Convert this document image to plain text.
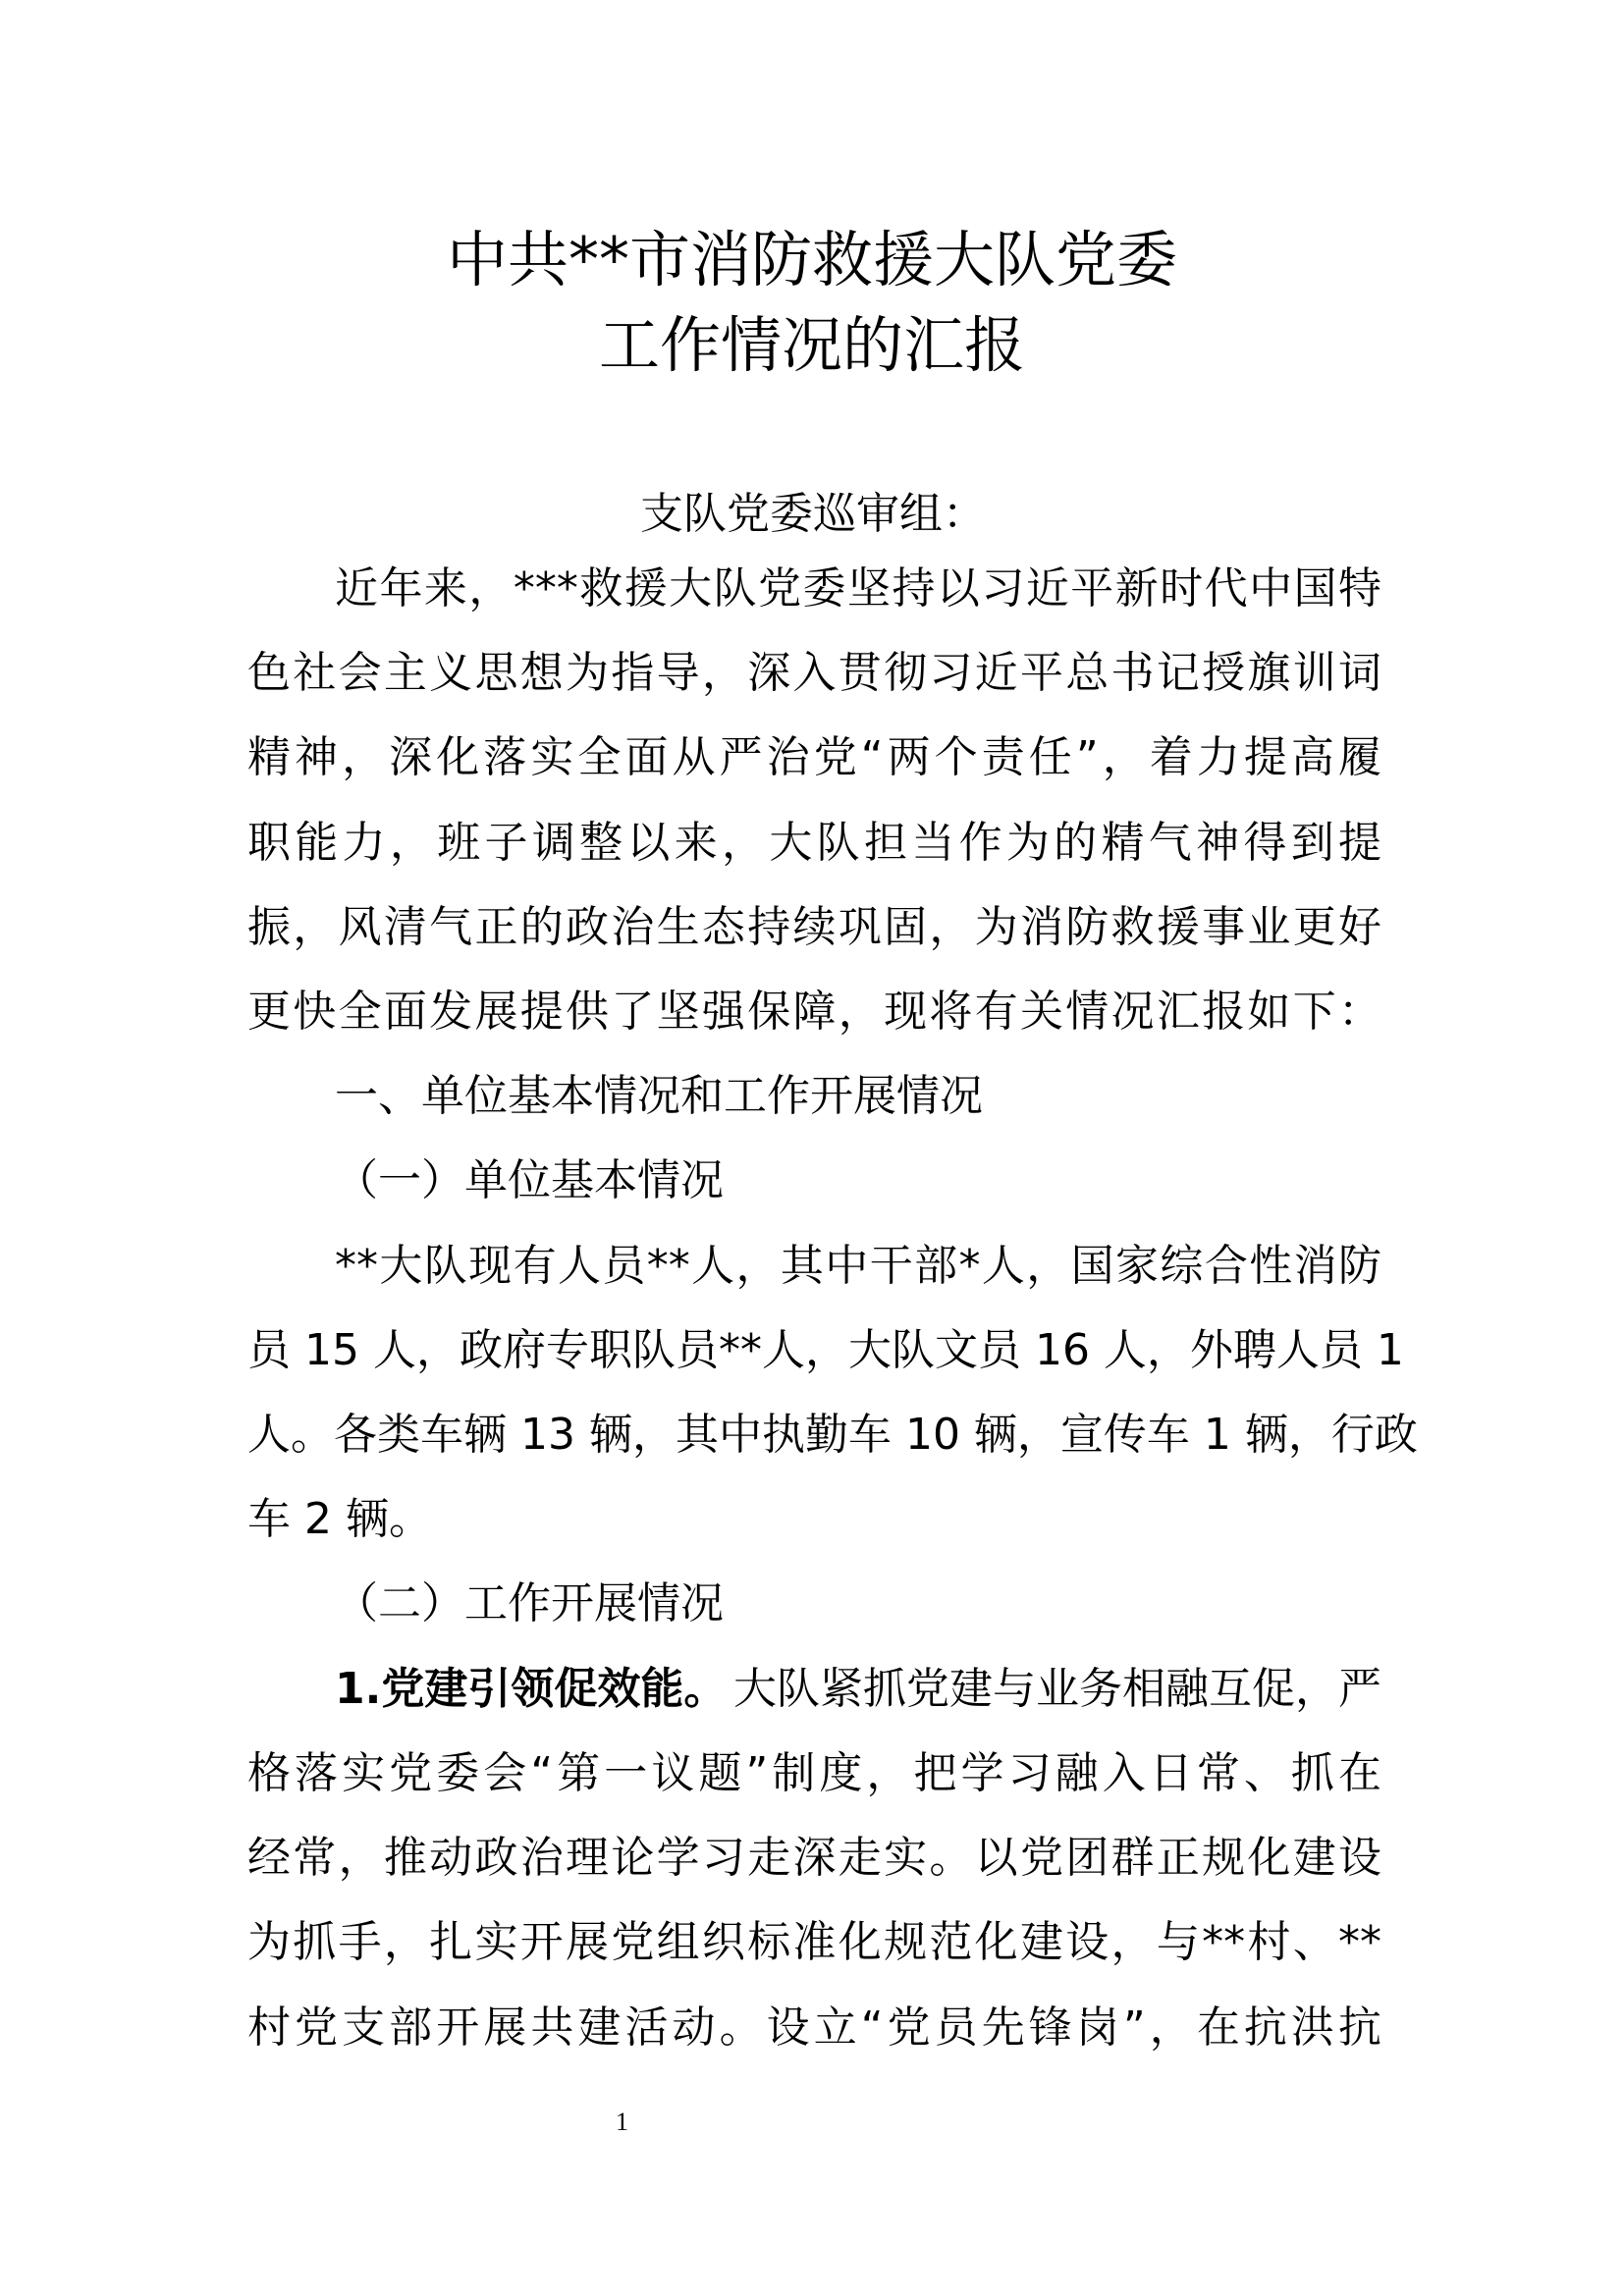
中共**市消防救援大队党委
工作情况的汇报
支队党委巡审组：
近年来，***救援大队党委坚持以习近平新时代中国特
色社会主义思想为指导，深入贯彻习近平总书记授旗训词
精神，深化落实全面从严治党“两个责任”，着力提高履
职能力，班子调整以来，大队担当作为的精气神得到提
振，风清气正的政治生态持续巩固，为消防救援事业更好
更快全面发展提供了坚强保障，现将有关情况汇报如下：
一、单位基本情况和工作开展情况
（一）单位基本情况
**大队现有人员**人，其中干部*人，国家综合性消防
员 15 人，政府专职队员**人，大队文员 16 人，外聘人员 1
人。各类车辆 13 辆，其中执勤车 10 辆，宣传车 1 辆，行政
车 2 辆。
（二）工作开展情况
1.党建引领促效能。 大队紧抓党建与业务相融互促，严
格落实党委会“第一议题”制度，把学习融入日常、抓在
经常，推动政治理论学习走深走实。以党团群正规化建设
为抓手，扎实开展党组织标准化规范化建设，与**村、**
村党支部开展共建活动。设立“党员先锋岗”，在抗洪抗
1
